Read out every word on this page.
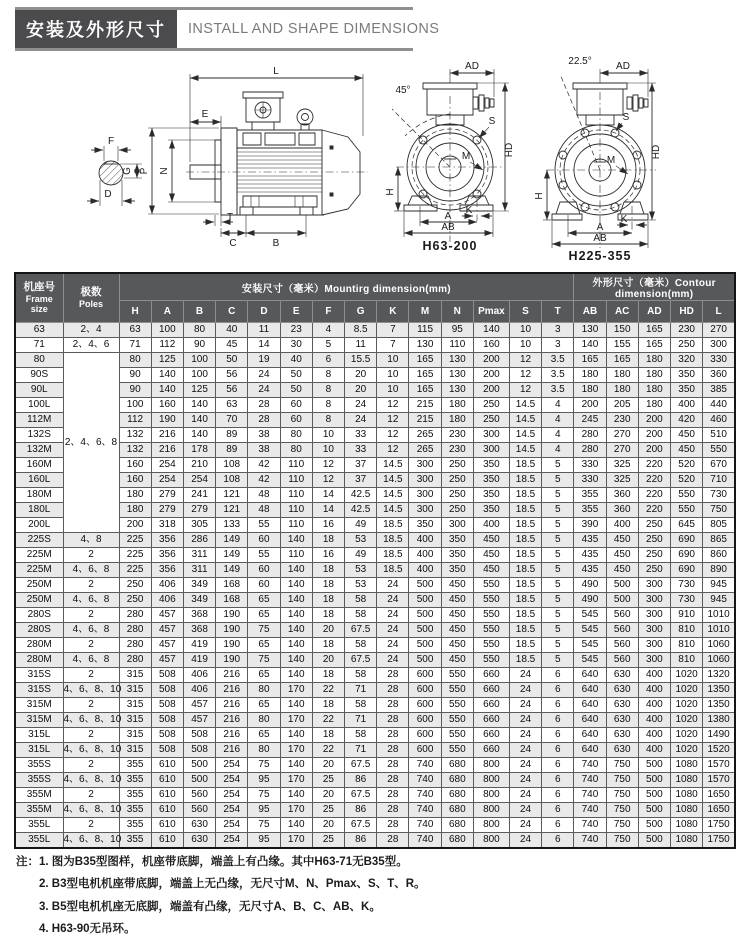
安装及外形尺寸	INSTALL AND SHAPE DIMENSIONS
F
G
D
L
E
P N
T
C	B
45°
S
M
AD
HD
H
K
A
AB
H63-200
22.5°
S
M
AD
HD
H
K
A
AB
H225-355
机座号
Frame
size	极数
Poles	安装尺寸（毫米）Mountirg dimension(mm)														外形尺寸（毫米）Contour dimension(mm)				
		H	A	B	C	D	E	F	G	K	M	N	Pmax	S	T	AB	AC	AD	HD	L
63	2、4	63	100	80	40	11	23	4	8.5	7	115	95	140	10	3	130	150	165	230	270
71	2、4、6	71	112	90	45	14	30	5	11	7	130	110	160	10	3	140	155	165	250	300
80	2、4、6、8	80	125	100	50	19	40	6	15.5	10	165	130	200	12	3.5	165	165	180	320	330
90S		90	140	100	56	24	50	8	20	10	165	130	200	12	3.5	180	180	180	350	360
90L		90	140	125	56	24	50	8	20	10	165	130	200	12	3.5	180	180	180	350	385
100L		100	160	140	63	28	60	8	24	12	215	180	250	14.5	4	200	205	180	400	440
112M		112	190	140	70	28	60	8	24	12	215	180	250	14.5	4	245	230	200	420	460
132S		132	216	140	89	38	80	10	33	12	265	230	300	14.5	4	280	270	200	450	510
132M		132	216	178	89	38	80	10	33	12	265	230	300	14.5	4	280	270	200	450	550
160M		160	254	210	108	42	110	12	37	14.5	300	250	350	18.5	5	330	325	220	520	670
160L		160	254	254	108	42	110	12	37	14.5	300	250	350	18.5	5	330	325	220	520	710
180M		180	279	241	121	48	110	14	42.5	14.5	300	250	350	18.5	5	355	360	220	550	730
180L		180	279	279	121	48	110	14	42.5	14.5	300	250	350	18.5	5	355	360	220	550	750
200L		200	318	305	133	55	110	16	49	18.5	350	300	400	18.5	5	390	400	250	645	805
225S	4、8	225	356	286	149	60	140	18	53	18.5	400	350	450	18.5	5	435	450	250	690	865
225M	2	225	356	311	149	55	110	16	49	18.5	400	350	450	18.5	5	435	450	250	690	860
225M	4、6、8	225	356	311	149	60	140	18	53	18.5	400	350	450	18.5	5	435	450	250	690	890
250M	2	250	406	349	168	60	140	18	53	24	500	450	550	18.5	5	490	500	300	730	945
250M	4、6、8	250	406	349	168	65	140	18	58	24	500	450	550	18.5	5	490	500	300	730	945
280S	2	280	457	368	190	65	140	18	58	24	500	450	550	18.5	5	545	560	300	910	1010
280S	4、6、8	280	457	368	190	75	140	20	67.5	24	500	450	550	18.5	5	545	560	300	810	1010
280M	2	280	457	419	190	65	140	18	58	24	500	450	550	18.5	5	545	560	300	810	1060
280M	4、6、8	280	457	419	190	75	140	20	67.5	24	500	450	550	18.5	5	545	560	300	810	1060
315S	2	315	508	406	216	65	140	18	58	28	600	550	660	24	6	640	630	400	1020	1320
315S	4、6、8、10	315	508	406	216	80	170	22	71	28	600	550	660	24	6	640	630	400	1020	1350
315M	2	315	508	457	216	65	140	18	58	28	600	550	660	24	6	640	630	400	1020	1350
315M	4、6、8、10	315	508	457	216	80	170	22	71	28	600	550	660	24	6	640	630	400	1020	1380
315L	2	315	508	508	216	65	140	18	58	28	600	550	660	24	6	640	630	400	1020	1490
315L	4、6、8、10	315	508	508	216	80	170	22	71	28	600	550	660	24	6	640	630	400	1020	1520
355S	2	355	610	500	254	75	140	20	67.5	28	740	680	800	24	6	740	750	500	1080	1570
355S	4、6、8、10	355	610	500	254	95	170	25	86	28	740	680	800	24	6	740	750	500	1080	1570
355M	2	355	610	560	254	75	140	20	67.5	28	740	680	800	24	6	740	750	500	1080	1650
355M	4、6、8、10	355	610	560	254	95	170	25	86	28	740	680	800	24	6	740	750	500	1080	1650
355L	2	355	610	630	254	75	140	20	67.5	28	740	680	800	24	6	740	750	500	1080	1750
355L	4、6、8、10	355	610	630	254	95	170	25	86	28	740	680	800	24	6	740	750	500	1080	1750
注： 1. 图为B35型图样，机座带底脚，端盖上有凸缘。其中H63-71无B35型。
2. B3型电机机座带底脚，端盖上无凸缘，无尺寸M、N、Pmax、S、T、R。
3. B5型电机机座无底脚，端盖有凸缘，无尺寸A、B、C、AB、K。
4. H63-90无吊环。
